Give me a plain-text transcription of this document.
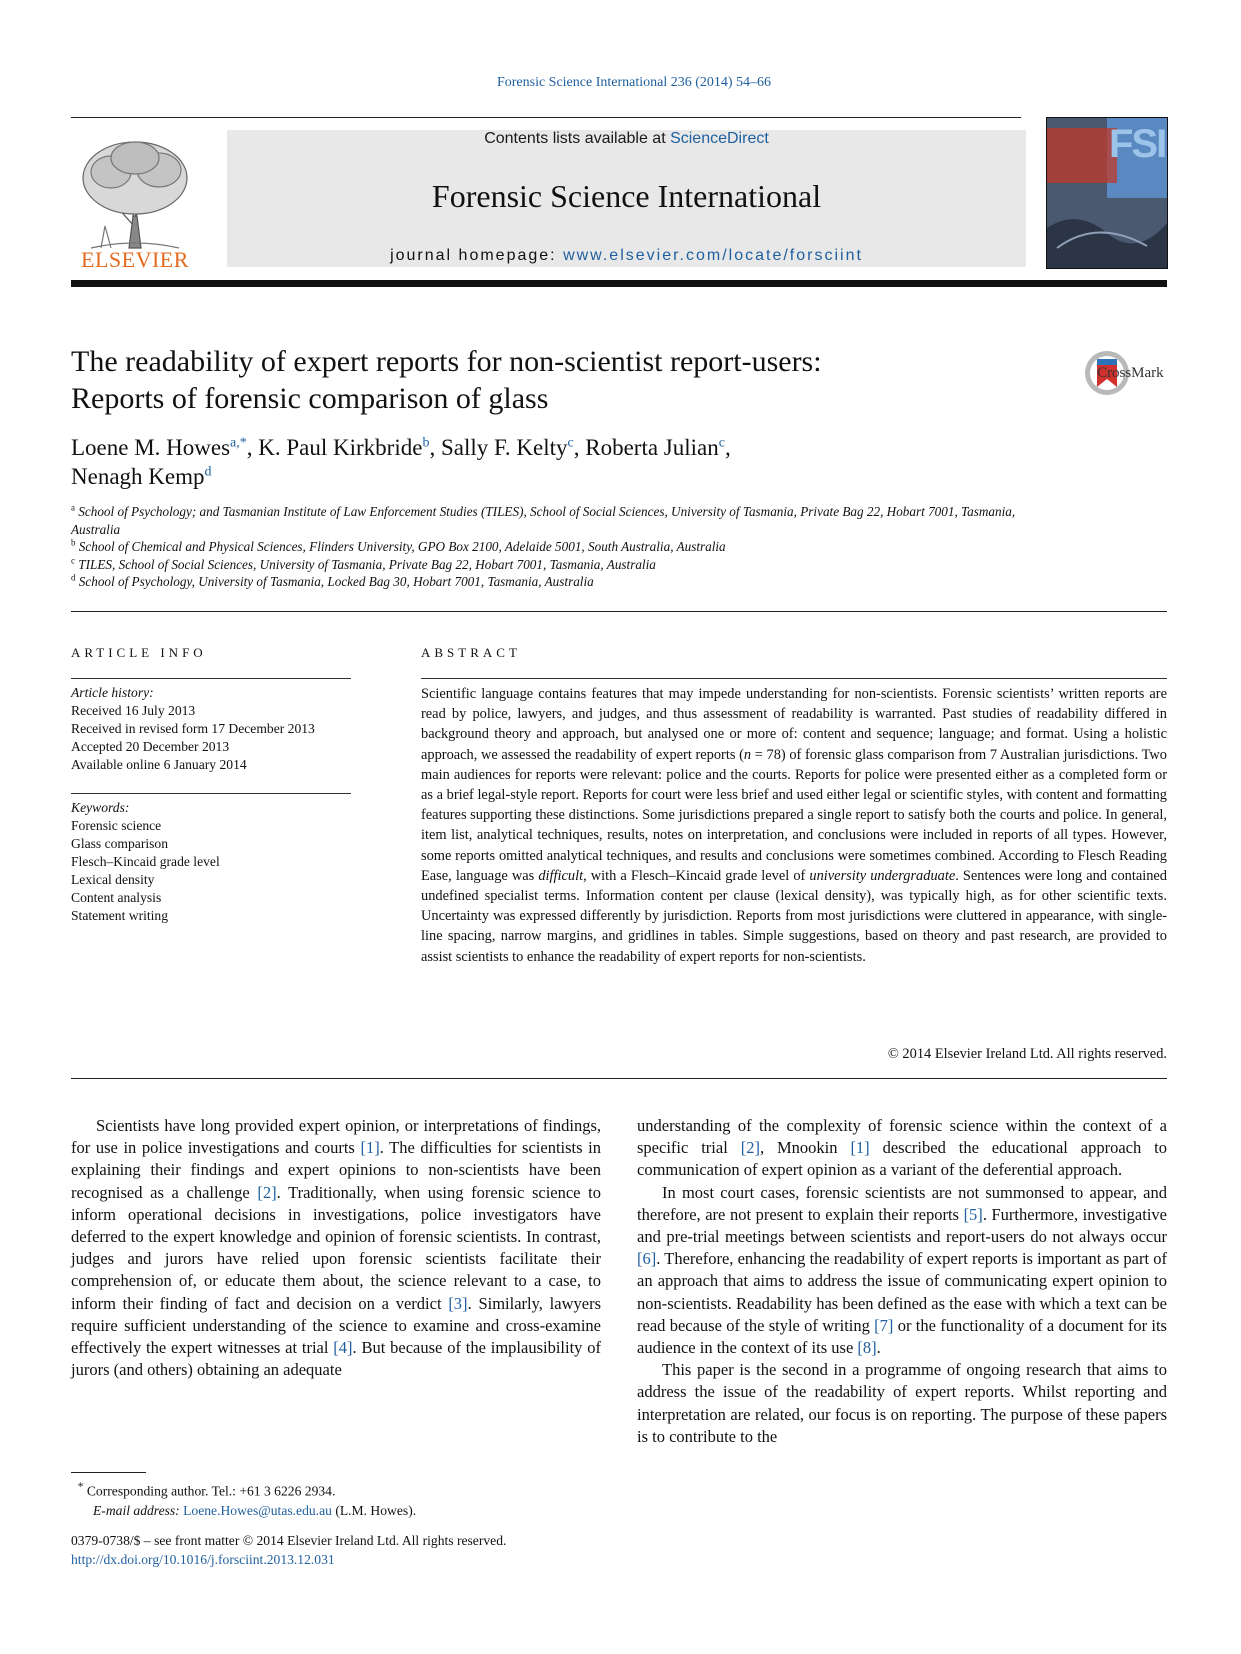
Forensic Science International 236 (2014) 54–66
ELSEVIER
Contents lists available at ScienceDirect
Forensic Science International
journal homepage: www.elsevier.com/locate/forsciint
FSI
The readability of expert reports for non-scientist report-users:
Reports of forensic comparison of glass
CrossMark
Loene M. Howes$^{a,*}$, K. Paul Kirkbride$^b$, Sally F. Kelty$^c$, Roberta Julian$^c$,
Nenagh Kemp$^d$
$^a$ School of Psychology; and Tasmanian Institute of Law Enforcement Studies (TILES), School of Social Sciences, University of Tasmania, Private Bag 22, Hobart 7001, Tasmania, Australia
$^b$ School of Chemical and Physical Sciences, Flinders University, GPO Box 2100, Adelaide 5001, South Australia, Australia
$^c$ TILES, School of Social Sciences, University of Tasmania, Private Bag 22, Hobart 7001, Tasmania, Australia
$^d$ School of Psychology, University of Tasmania, Locked Bag 30, Hobart 7001, Tasmania, Australia
ARTICLE INFO
Article history:
Received 16 July 2013
Received in revised form 17 December 2013
Accepted 20 December 2013
Available online 6 January 2014
Keywords:
Forensic science
Glass comparison
Flesch–Kincaid grade level
Lexical density
Content analysis
Statement writing
ABSTRACT
Scientific language contains features that may impede understanding for non-scientists. Forensic scientists’ written reports are read by police, lawyers, and judges, and thus assessment of readability is warranted. Past studies of readability differed in background theory and approach, but analysed one or more of: content and sequence; language; and format. Using a holistic approach, we assessed the readability of expert reports (n = 78) of forensic glass comparison from 7 Australian jurisdictions. Two main audiences for reports were relevant: police and the courts. Reports for police were presented either as a completed form or as a brief legal-style report. Reports for court were less brief and used either legal or scientific styles, with content and formatting features supporting these distinctions. Some jurisdictions prepared a single report to satisfy both the courts and police. In general, item list, analytical techniques, results, notes on interpretation, and conclusions were included in reports of all types. However, some reports omitted analytical techniques, and results and conclusions were sometimes combined. According to Flesch Reading Ease, language was difficult, with a Flesch–Kincaid grade level of university undergraduate. Sentences were long and contained undefined specialist terms. Information content per clause (lexical density), was typically high, as for other scientific texts. Uncertainty was expressed differently by jurisdiction. Reports from most jurisdictions were cluttered in appearance, with single-line spacing, narrow margins, and gridlines in tables. Simple suggestions, based on theory and past research, are provided to assist scientists to enhance the readability of expert reports for non-scientists.
© 2014 Elsevier Ireland Ltd. All rights reserved.

Scientists have long provided expert opinion, or interpretations of findings, for use in police investigations and courts [1]. The difficulties for scientists in explaining their findings and expert opinions to non-scientists have been recognised as a challenge [2]. Traditionally, when using forensic science to inform operational decisions in investigations, police investigators have deferred to the expert knowledge and opinion of forensic scientists. In contrast, judges and jurors have relied upon forensic scientists facilitate their comprehension of, or educate them about, the science relevant to a case, to inform their finding of fact and decision on a verdict [3]. Similarly, lawyers require sufficient understanding of the science to examine and cross-examine effectively the expert witnesses at trial [4]. But because of the implausibility of jurors (and others) obtaining an adequate

understanding of the complexity of forensic science within the context of a specific trial [2], Mnookin [1] described the educational approach to communication of expert opinion as a variant of the deferential approach.

In most court cases, forensic scientists are not summonsed to appear, and therefore, are not present to explain their reports [5]. Furthermore, investigative and pre-trial meetings between scientists and report-users do not always occur [6]. Therefore, enhancing the readability of expert reports is important as part of an approach that aims to address the issue of communicating expert opinion to non-scientists. Readability has been defined as the ease with which a text can be read because of the style of writing [7] or the functionality of a document for its audience in the context of its use [8].

This paper is the second in a programme of ongoing research that aims to address the issue of the readability of expert reports. Whilst reporting and interpretation are related, our focus is on reporting. The purpose of these papers is to contribute to the

* Corresponding author. Tel.: +61 3 6226 2934.
E-mail address: Loene.Howes@utas.edu.au (L.M. Howes).
0379-0738/$ – see front matter © 2014 Elsevier Ireland Ltd. All rights reserved.
http://dx.doi.org/10.1016/j.forsciint.2013.12.031
